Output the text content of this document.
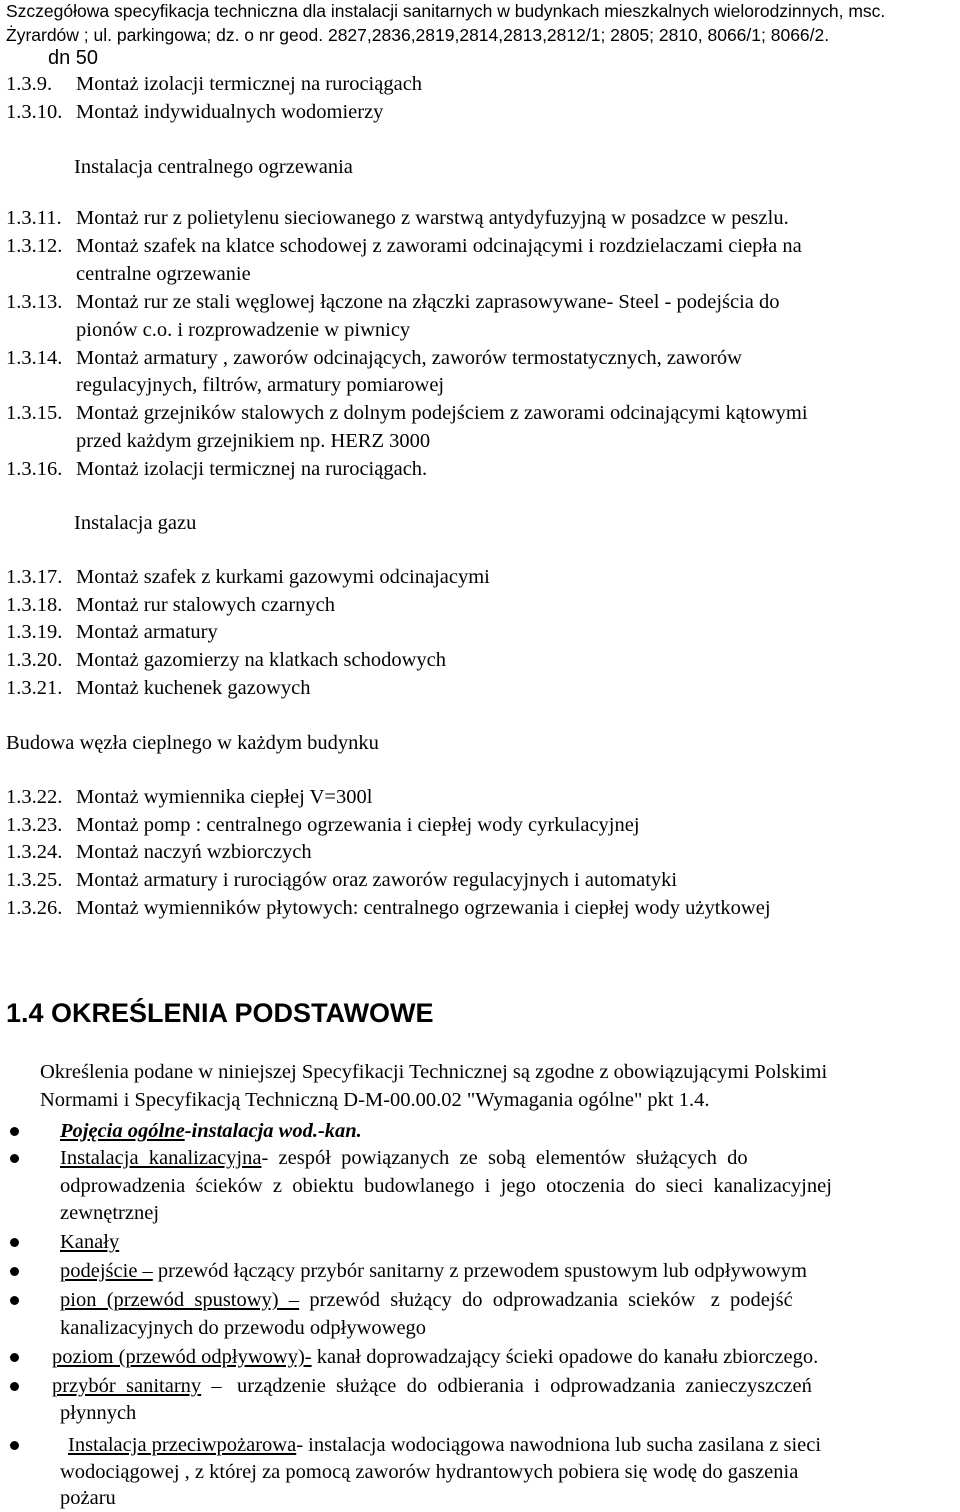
Szczegółowa specyfikacja techniczna dla instalacji sanitarnych w budynkach mieszkalnych wielorodzinnych, msc.
Żyrardów ; ul. parkingowa; dz. o nr geod. 2827,2836,2819,2814,2813,2812/1; 2805; 2810, 8066/1; 8066/2.
dn 50
1.3.9. Montaż izolacji termicznej na rurociągach
1.3.10. Montaż indywidualnych wodomierzy
Instalacja centralnego ogrzewania
1.3.11. Montaż rur z polietylenu sieciowanego z warstwą antydyfuzyjną w posadzce w peszlu.
1.3.12. Montaż szafek na klatce schodowej z zaworami odcinającymi i rozdzielaczami ciepła na
centralne ogrzewanie
1.3.13. Montaż rur ze stali węglowej łączone na złączki zaprasowywane- Steel - podejścia do
pionów c.o. i rozprowadzenie w piwnicy
1.3.14. Montaż armatury , zaworów odcinających, zaworów termostatycznych, zaworów
regulacyjnych, filtrów, armatury pomiarowej
1.3.15. Montaż grzejników stalowych z dolnym podejściem z zaworami odcinającymi kątowymi
przed każdym grzejnikiem np. HERZ 3000
1.3.16. Montaż izolacji termicznej na rurociągach.
Instalacja gazu
1.3.17. Montaż szafek z kurkami gazowymi odcinajacymi
1.3.18. Montaż rur stalowych czarnych
1.3.19. Montaż armatury
1.3.20. Montaż gazomierzy na klatkach schodowych
1.3.21. Montaż kuchenek gazowych
Budowa węzła cieplnego w każdym budynku
1.3.22. Montaż wymiennika ciepłej V=300l
1.3.23. Montaż pomp : centralnego ogrzewania i ciepłej wody cyrkulacyjnej
1.3.24. Montaż naczyń wzbiorczych
1.3.25. Montaż armatury i rurociągów oraz zaworów regulacyjnych i automatyki
1.3.26. Montaż wymienników płytowych: centralnego ogrzewania i ciepłej wody użytkowej
1.4 OKREŚLENIA PODSTAWOWE
Określenia podane w niniejszej Specyfikacji Technicznej są zgodne z obowiązującymi Polskimi
Normami i Specyfikacją Techniczną D-M-00.00.02 "Wymagania ogólne" pkt 1.4.
Pojęcia ogólne-instalacja wod.-kan.
Instalacja  kanalizacyjna-  zespół  powiązanych  ze  sobą  elementów  służących  do
odprowadzenia  ścieków  z  obiektu  budowlanego  i  jego  otoczenia  do  sieci  kanalizacyjnej
zewnętrznej
Kanały
podejście – przewód łączący przybór sanitarny z przewodem spustowym lub odpływowym
pion  (przewód  spustowy)  –  przewód  służący  do  odprowadzania  scieków   z  podejść
kanalizacyjnych do przewodu odpływowego
poziom (przewód odpływowy)- kanał doprowadzający ścieki opadowe do kanału zbiorczego.
przybór  sanitarny  –   urządzenie  służące  do  odbierania  i  odprowadzania  zanieczyszczeń
płynnych
Instalacja przeciwpożarowa- instalacja wodociągowa nawodniona lub sucha zasilana z sieci
wodociągowej , z której za pomocą zaworów hydrantowych pobiera się wodę do gaszenia
pożaru
